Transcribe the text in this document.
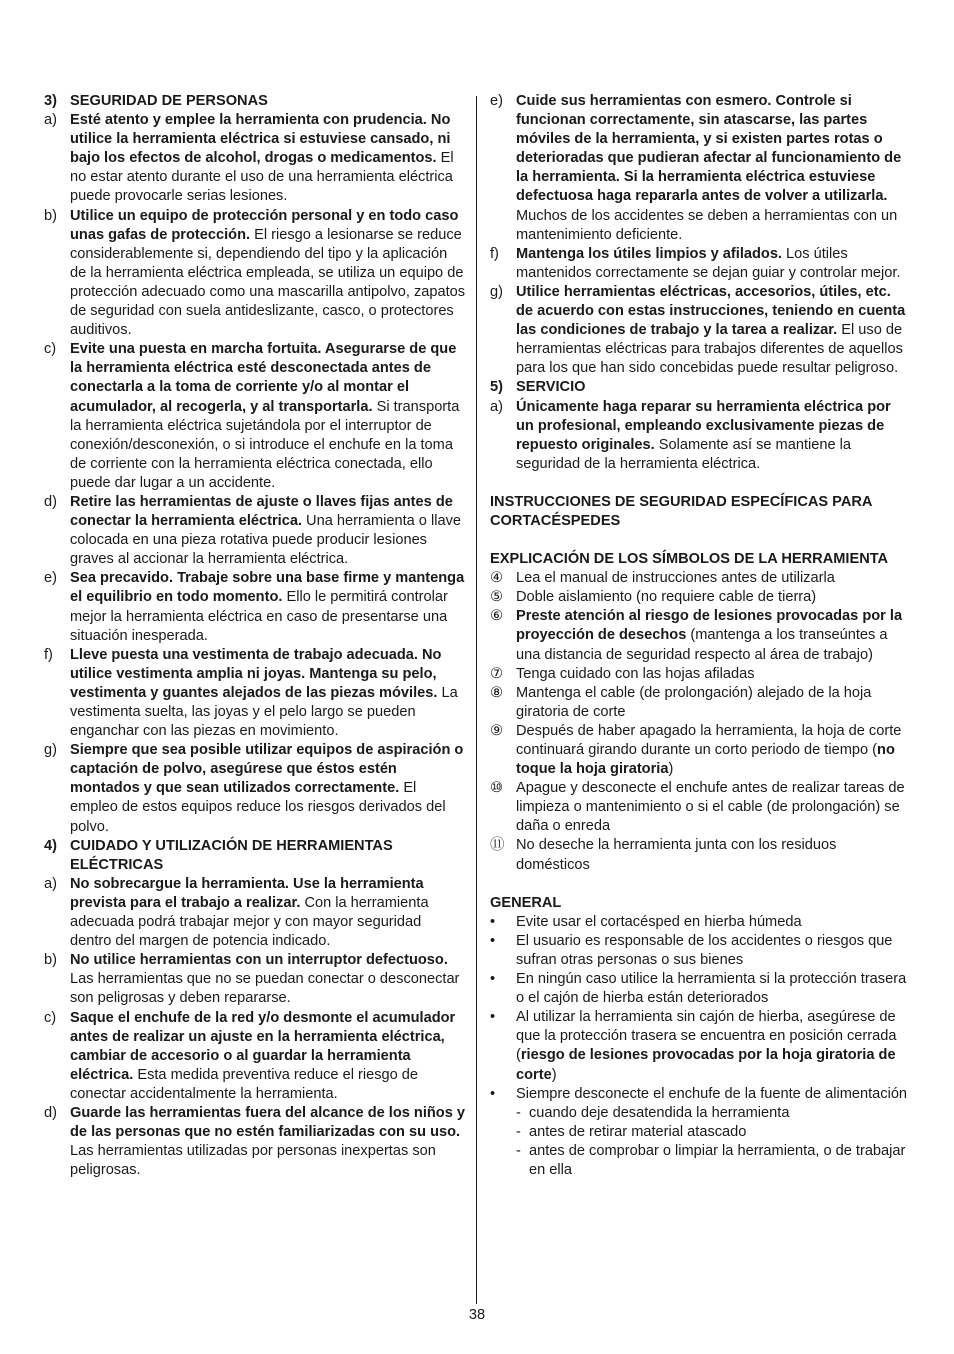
3) SEGURIDAD DE PERSONAS
a) Esté atento y emplee la herramienta con prudencia. No utilice la herramienta eléctrica si estuviese cansado, ni bajo los efectos de alcohol, drogas o medicamentos. El no estar atento durante el uso de una herramienta eléctrica puede provocarle serias lesiones.
b) Utilice un equipo de protección personal y en todo caso unas gafas de protección. El riesgo a lesionarse se reduce considerablemente si, dependiendo del tipo y la aplicación de la herramienta eléctrica empleada, se utiliza un equipo de protección adecuado como una mascarilla antipolvo, zapatos de seguridad con suela antideslizante, casco, o protectores auditivos.
c) Evite una puesta en marcha fortuita. Asegurarse de que la herramienta eléctrica esté desconectada antes de conectarla a la toma de corriente y/o al montar el acumulador, al recogerla, y al transportarla. Si transporta la herramienta eléctrica sujetándola por el interruptor de conexión/desconexión, o si introduce el enchufe en la toma de corriente con la herramienta eléctrica conectada, ello puede dar lugar a un accidente.
d) Retire las herramientas de ajuste o llaves fijas antes de conectar la herramienta eléctrica. Una herramienta o llave colocada en una pieza rotativa puede producir lesiones graves al accionar la herramienta eléctrica.
e) Sea precavido. Trabaje sobre una base firme y mantenga el equilibrio en todo momento. Ello le permitirá controlar mejor la herramienta eléctrica en caso de presentarse una situación inesperada.
f)	Lleve puesta una vestimenta de trabajo adecuada. No utilice vestimenta amplia ni joyas. Mantenga su pelo, vestimenta y guantes alejados de las piezas móviles. La vestimenta suelta, las joyas y el pelo largo se pueden enganchar con las piezas en movimiento.
g) Siempre que sea posible utilizar equipos de aspiración o captación de polvo, asegúrese que éstos estén montados y que sean utilizados correctamente. El empleo de estos equipos reduce los riesgos derivados del polvo.
4) CUIDADO Y UTILIZACIÓN DE HERRAMIENTAS ELÉCTRICAS
a) No sobrecargue la herramienta. Use la herramienta prevista para el trabajo a realizar. Con la herramienta adecuada podrá trabajar mejor y con mayor seguridad dentro del margen de potencia indicado.
b) No utilice herramientas con un interruptor defectuoso. Las herramientas que no se puedan conectar o desconectar son peligrosas y deben repararse.
c) Saque el enchufe de la red y/o desmonte el acumulador antes de realizar un ajuste en la herramienta eléctrica, cambiar de accesorio o al guardar la herramienta eléctrica. Esta medida preventiva reduce el riesgo de conectar accidentalmente la herramienta.
d) Guarde las herramientas fuera del alcance de los niños y de las personas que no estén familiarizadas con su uso. Las herramientas utilizadas por personas inexpertas son peligrosas.
e) Cuide sus herramientas con esmero. Controle si funcionan correctamente, sin atascarse, las partes móviles de la herramienta, y si existen partes rotas o deterioradas que pudieran afectar al funcionamiento de la herramienta. Si la herramienta eléctrica estuviese defectuosa haga repararla antes de volver a utilizarla. Muchos de los accidentes se deben a herramientas con un mantenimiento deficiente.
f)	Mantenga los útiles limpios y afilados. Los útiles mantenidos correctamente se dejan guiar y controlar mejor.
g) Utilice herramientas eléctricas, accesorios, útiles, etc. de acuerdo con estas instrucciones, teniendo en cuenta las condiciones de trabajo y la tarea a realizar. El uso de herramientas eléctricas para trabajos diferentes de aquellos para los que han sido concebidas puede resultar peligroso.
5) SERVICIO
a) Únicamente haga reparar su herramienta eléctrica por un profesional, empleando exclusivamente piezas de repuesto originales. Solamente así se mantiene la seguridad de la herramienta eléctrica.
INSTRUCCIONES DE SEGURIDAD ESPECÍFICAS PARA CORTACÉSPEDES
EXPLICACIÓN DE LOS SÍMBOLOS DE LA HERRAMIENTA
④ Lea el manual de instrucciones antes de utilizarla
⑤ Doble aislamiento (no requiere cable de tierra)
⑥ Preste atención al riesgo de lesiones provocadas por la proyección de desechos (mantenga a los transeúntes a una distancia de seguridad respecto al área de trabajo)
⑦ Tenga cuidado con las hojas afiladas
⑧ Mantenga el cable (de prolongación) alejado de la hoja giratoria de corte
⑨ Después de haber apagado la herramienta, la hoja de corte continuará girando durante un corto periodo de tiempo (no toque la hoja giratoria)
⑩ Apague y desconecte el enchufe antes de realizar tareas de limpieza o mantenimiento o si el cable (de prolongación) se daña o enreda
⑪ No deseche la herramienta junta con los residuos domésticos
GENERAL
•	Evite usar el cortacésped en hierba húmeda
•	El usuario es responsable de los accidentes o riesgos que sufran otras personas o sus bienes
•	En ningún caso utilice la herramienta si la protección trasera o el cajón de hierba están deteriorados
•	Al utilizar la herramienta sin cajón de hierba, asegúrese de que la protección trasera se encuentra en posición cerrada (riesgo de lesiones provocadas por la hoja giratoria de corte)
•	Siempre desconecte el enchufe de la fuente de alimentación
- cuando deje desatendida la herramienta
- antes de retirar material atascado
- antes de comprobar o limpiar la herramienta, o de trabajar en ella
38
